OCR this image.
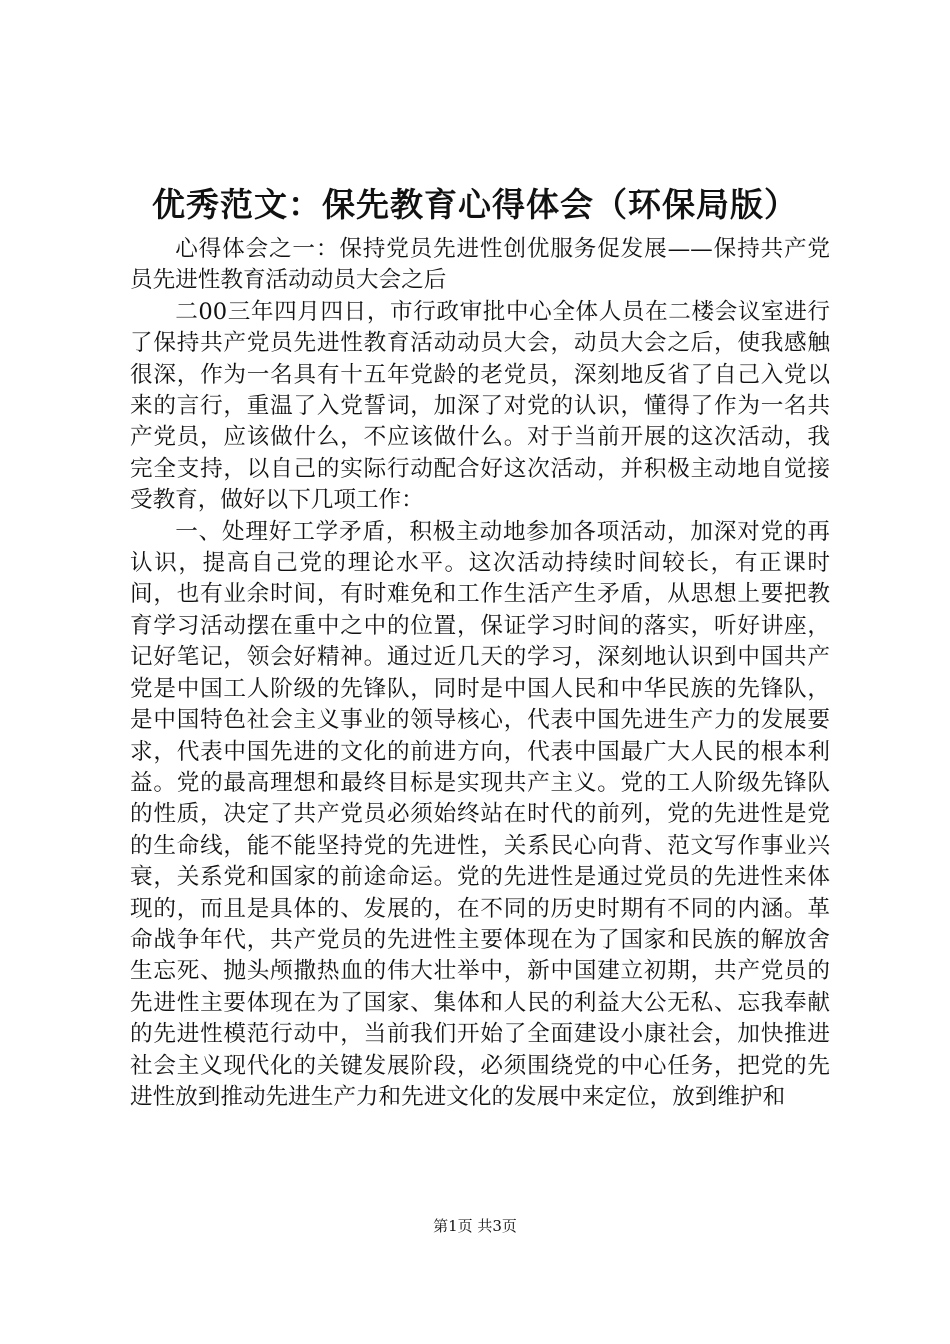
优秀范文：保先教育心得体会（环保局版）

心得体会之一：保持党员先进性创优服务促发展——保持共产党员先进性教育活动动员大会之后

二00三年四月四日，市行政审批中心全体人员在二楼会议室进行了保持共产党员先进性教育活动动员大会，动员大会之后，使我感触很深，作为一名具有十五年党龄的老党员，深刻地反省了自己入党以来的言行，重温了入党誓词，加深了对党的认识，懂得了作为一名共产党员，应该做什么，不应该做什么。对于当前开展的这次活动，我完全支持，以自己的实际行动配合好这次活动，并积极主动地自觉接受教育，做好以下几项工作：

一、处理好工学矛盾，积极主动地参加各项活动，加深对党的再认识，提高自己党的理论水平。这次活动持续时间较长，有正课时间，也有业余时间，有时难免和工作生活产生矛盾，从思想上要把教育学习活动摆在重中之中的位置，保证学习时间的落实，听好讲座，记好笔记，领会好精神。通过近几天的学习，深刻地认识到中国共产党是中国工人阶级的先锋队，同时是中国人民和中华民族的先锋队，是中国特色社会主义事业的领导核心，代表中国先进生产力的发展要求，代表中国先进的文化的前进方向，代表中国最广大人民的根本利益。党的最高理想和最终目标是实现共产主义。党的工人阶级先锋队的性质，决定了共产党员必须始终站在时代的前列，党的先进性是党的生命线，能不能坚持党的先进性，关系民心向背、范文写作事业兴衰，关系党和国家的前途命运。党的先进性是通过党员的先进性来体现的，而且是具体的、发展的，在不同的历史时期有不同的内涵。革命战争年代，共产党员的先进性主要体现在为了国家和民族的解放舍生忘死、抛头颅撒热血的伟大壮举中，新中国建立初期，共产党员的先进性主要体现在为了国家、集体和人民的利益大公无私、忘我奉献的先进性模范行动中，当前我们开始了全面建设小康社会，加快推进社会主义现代化的关键发展阶段，必须围绕党的中心任务，把党的先进性放到推动先进生产力和先进文化的发展中来定位，放到维护和

第1页 共3页
